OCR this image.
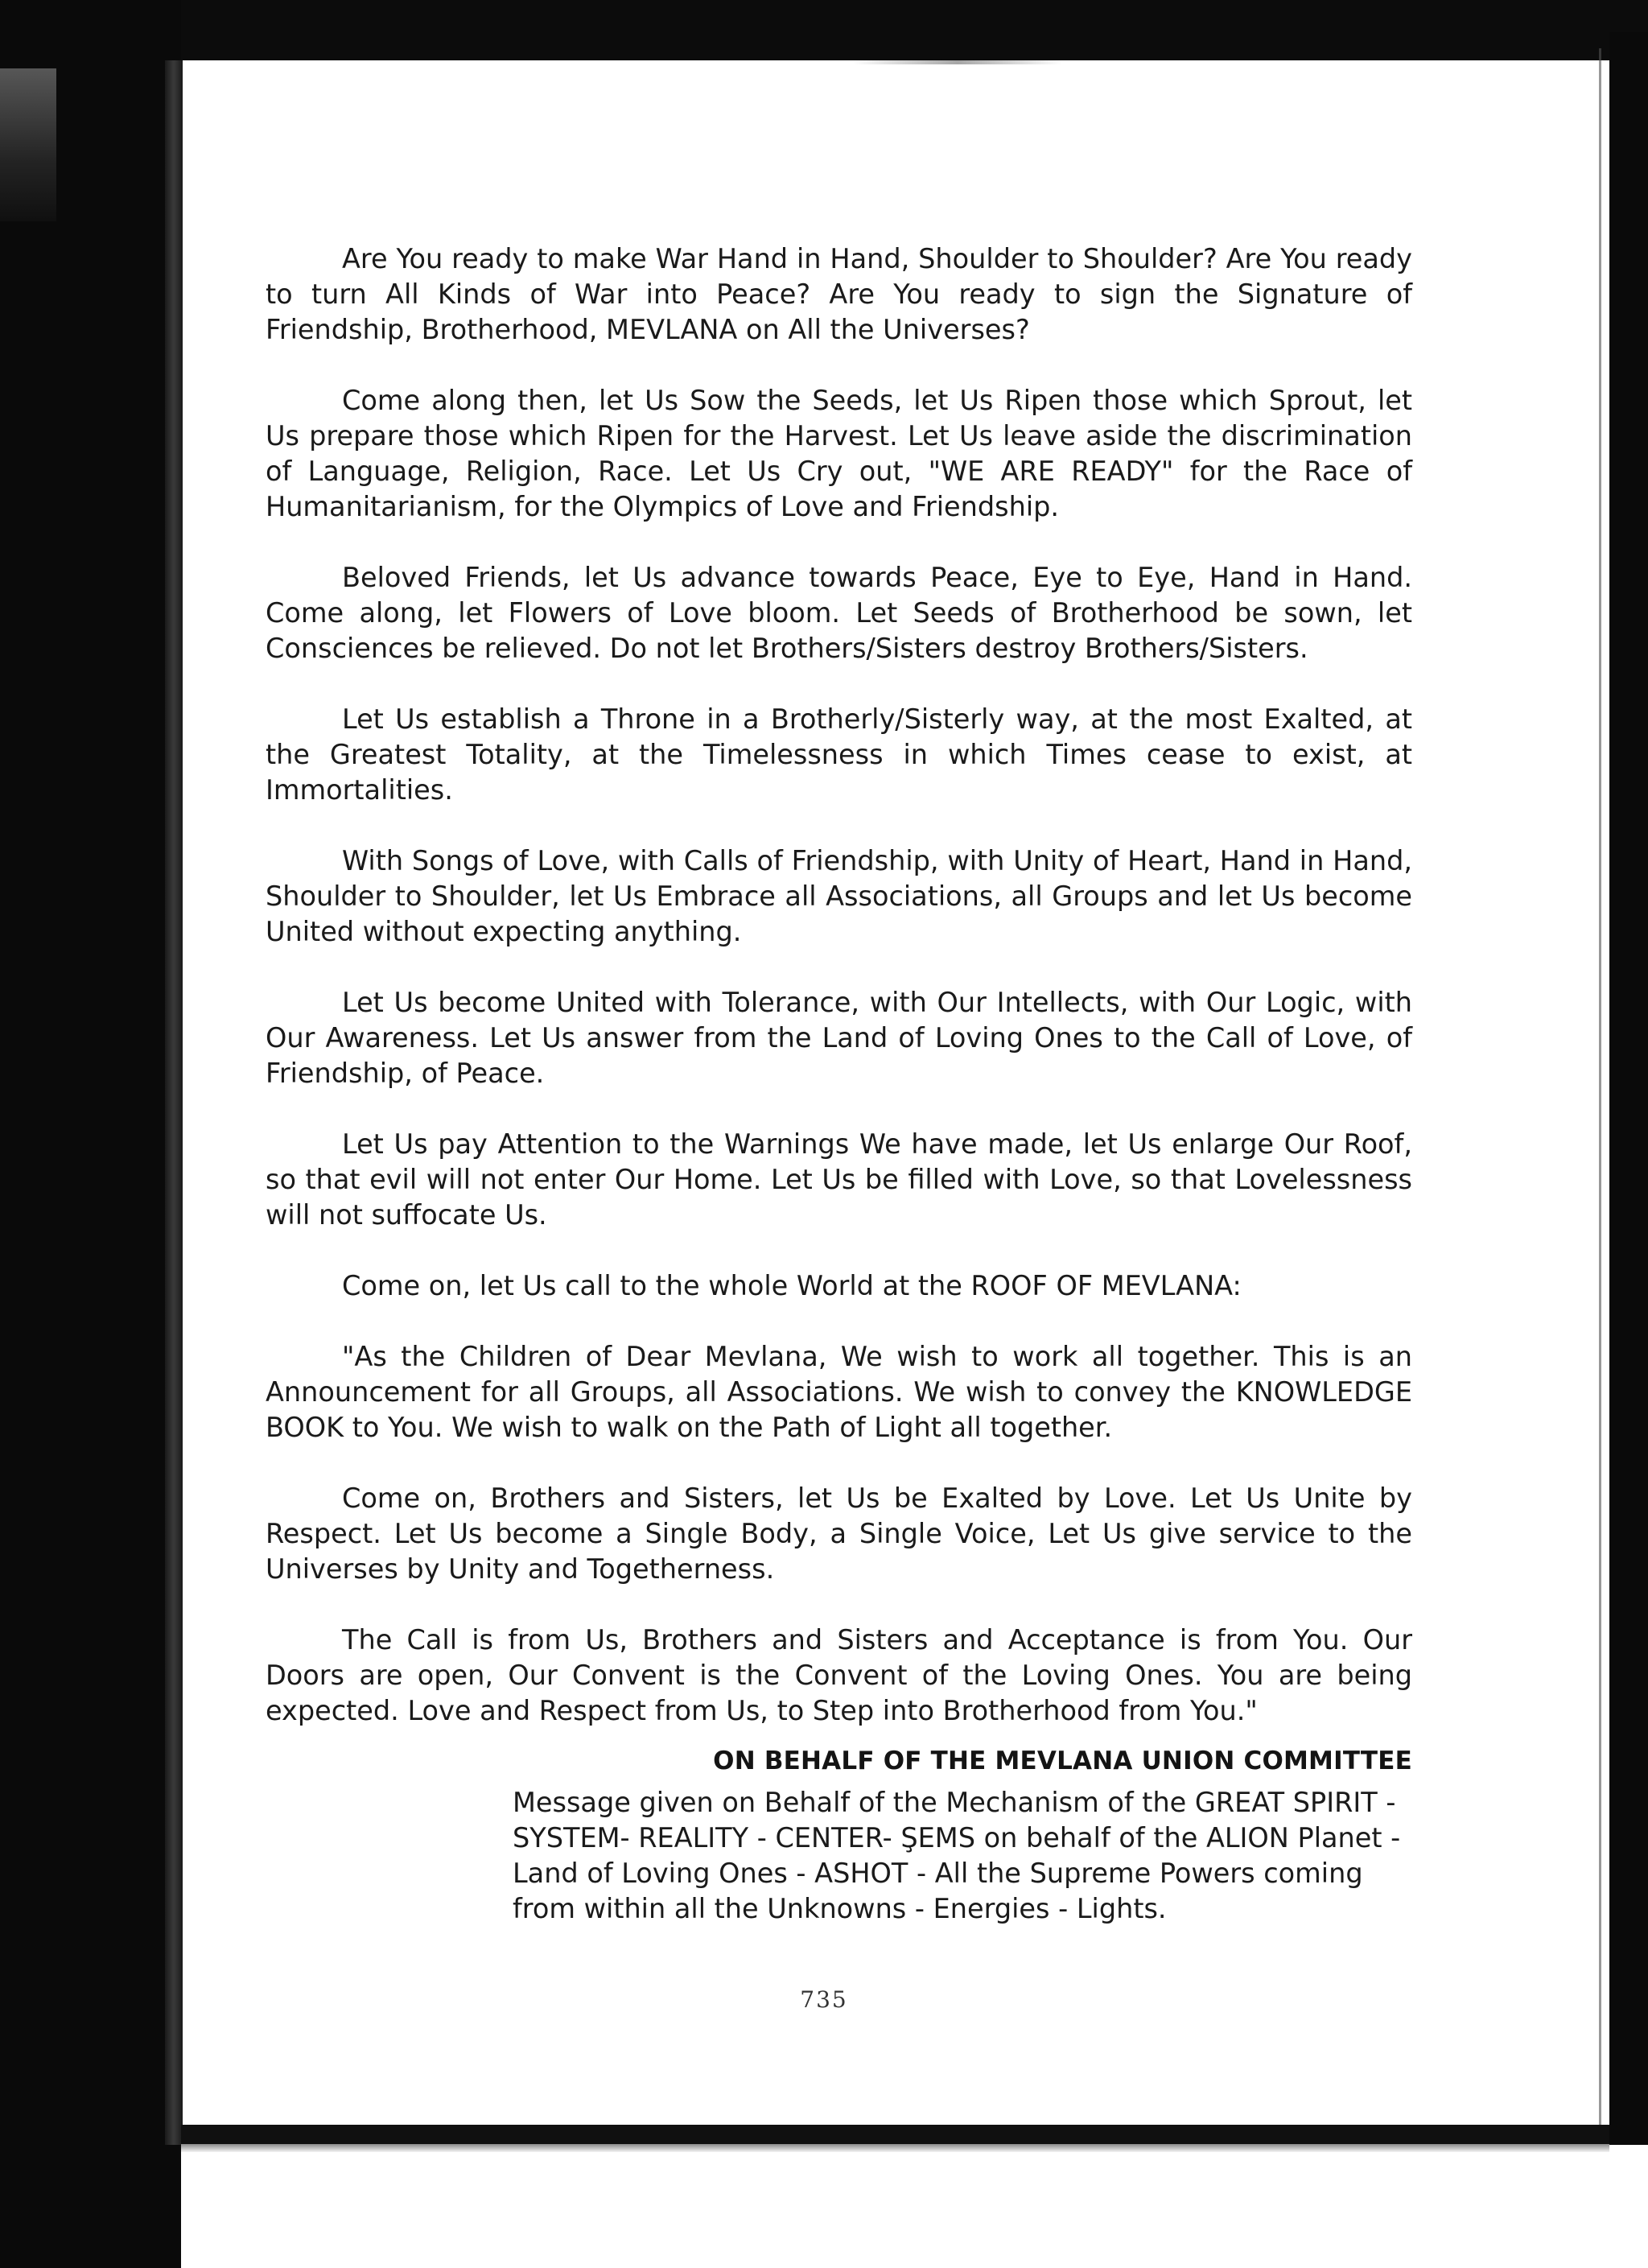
Are You ready to make War Hand in Hand, Shoulder to Shoulder? Are You ready to turn All Kinds of War into Peace? Are You ready to sign the Signature of Friendship, Brotherhood, MEVLANA on All the Universes?

Come along then, let Us Sow the Seeds, let Us Ripen those which Sprout, let Us prepare those which Ripen for the Harvest. Let Us leave aside the discrimination of Language, Religion, Race. Let Us Cry out, "WE ARE READY" for the Race of Humanitarianism, for the Olympics of Love and Friendship.

Beloved Friends, let Us advance towards Peace, Eye to Eye, Hand in Hand. Come along, let Flowers of Love bloom. Let Seeds of Brotherhood be sown, let Consciences be relieved. Do not let Brothers/Sisters destroy Brothers/Sisters.

Let Us establish a Throne in a Brotherly/Sisterly way, at the most Exalted, at the Greatest Totality, at the Timelessness in which Times cease to exist, at Immortalities.

With Songs of Love, with Calls of Friendship, with Unity of Heart, Hand in Hand, Shoulder to Shoulder, let Us Embrace all Associations, all Groups and let Us become United without expecting anything.

Let Us become United with Tolerance, with Our Intellects, with Our Logic, with Our Awareness. Let Us answer from the Land of Loving Ones to the Call of Love, of Friendship, of Peace.

Let Us pay Attention to the Warnings We have made, let Us enlarge Our Roof, so that evil will not enter Our Home. Let Us be filled with Love, so that Lovelessness will not suffocate Us.

Come on, let Us call to the whole World at the ROOF OF MEVLANA:

"As the Children of Dear Mevlana, We wish to work all together. This is an Announcement for all Groups, all Associations. We wish to convey the KNOWLEDGE BOOK to You. We wish to walk on the Path of Light all together.

Come on, Brothers and Sisters, let Us be Exalted by Love. Let Us Unite by Respect. Let Us become a Single Body, a Single Voice, Let Us give service to the Universes by Unity and Togetherness.

The Call is from Us, Brothers and Sisters and Acceptance is from You. Our Doors are open, Our Convent is the Convent of the Loving Ones. You are being expected. Love and Respect from Us, to Step into Brotherhood from You."

ON BEHALF OF THE MEVLANA UNION COMMITTEE

Message given on Behalf of the Mechanism of the GREAT SPIRIT - SYSTEM- REALITY - CENTER- ŞEMS on behalf of the ALION Planet - Land of Loving Ones - ASHOT - All the Supreme Powers coming from within all the Unknowns - Energies - Lights.

735
